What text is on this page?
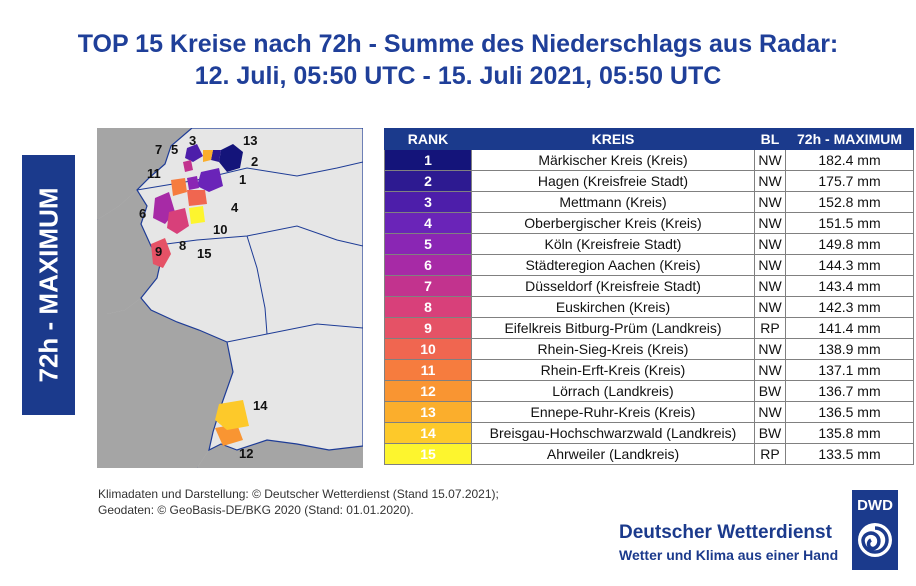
TOP 15 Kreise nach 72h - Summe des Niederschlags aus Radar:
12. Juli, 05:50 UTC - 15. Juli 2021, 05:50 UTC
72h - MAXIMUM
1
2
3
4
5
6
7
8
9
10
11
12
13
14
15
RANK	KREIS	BL	72h - MAXIMUM
1	Märkischer Kreis (Kreis)	NW	182.4 mm
2	Hagen (Kreisfreie Stadt)	NW	175.7 mm
3	Mettmann (Kreis)	NW	152.8 mm
4	Oberbergischer Kreis (Kreis)	NW	151.5 mm
5	Köln (Kreisfreie Stadt)	NW	149.8 mm
6	Städteregion Aachen (Kreis)	NW	144.3 mm
7	Düsseldorf (Kreisfreie Stadt)	NW	143.4 mm
8	Euskirchen (Kreis)	NW	142.3 mm
9	Eifelkreis Bitburg-Prüm (Landkreis)	RP	141.4 mm
10	Rhein-Sieg-Kreis (Kreis)	NW	138.9 mm
11	Rhein-Erft-Kreis (Kreis)	NW	137.1 mm
12	Lörrach (Landkreis)	BW	136.7 mm
13	Ennepe-Ruhr-Kreis (Kreis)	NW	136.5 mm
14	Breisgau-Hochschwarzwald (Landkreis)	BW	135.8 mm
15	Ahrweiler (Landkreis)	RP	133.5 mm
Klimadaten und Darstellung: © Deutscher Wetterdienst (Stand 15.07.2021);
Geodaten: © GeoBasis-DE/BKG 2020 (Stand: 01.01.2020).
Deutscher Wetterdienst
Wetter und Klima aus einer Hand
DWD
